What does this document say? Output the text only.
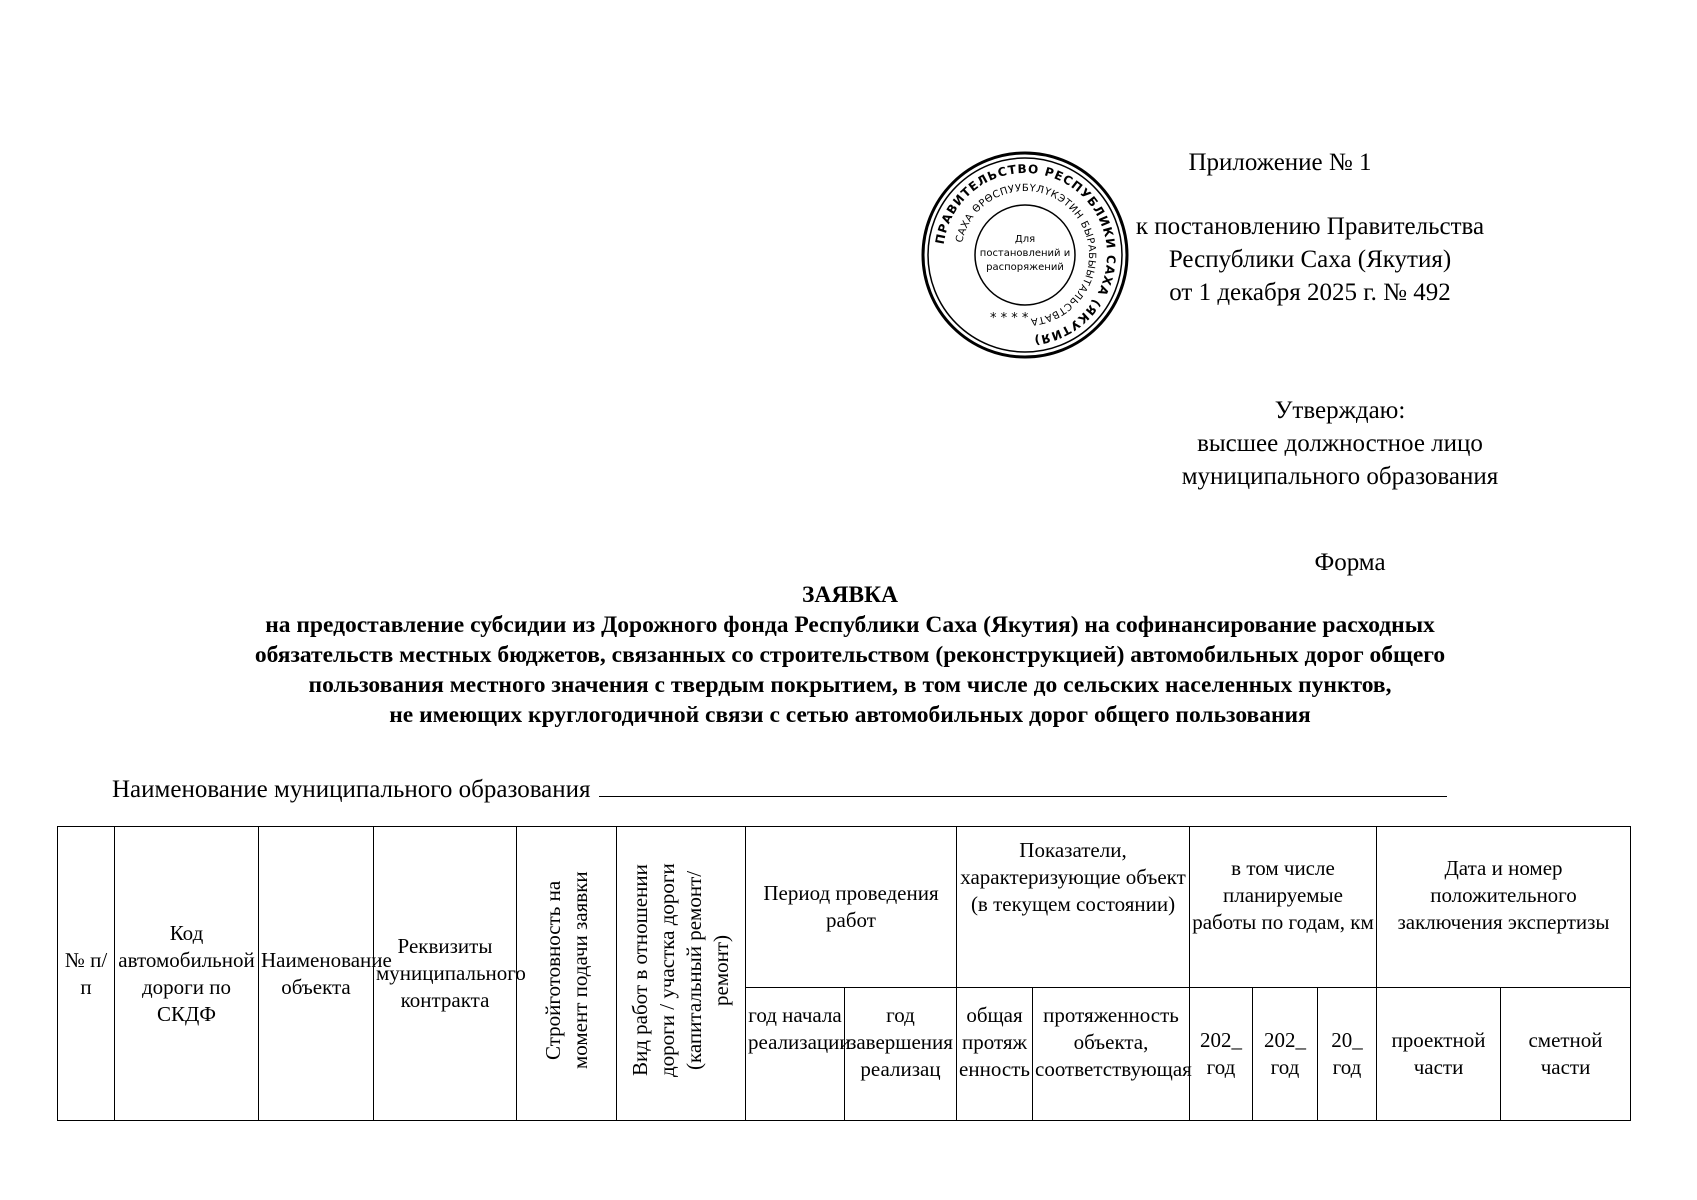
Приложение № 1
к постановлению Правительства
Республики Саха (Якутия)
от 1 декабря 2025 г. № 492
ПРАВИТЕЛЬСТВО РЕСПУБЛИКИ САХА (ЯКУТИЯ)
САХА ӨРӨСПУУБҮЛҮКЭТИН БЫРАБЫЫТАЛЬСТВАТА
Для
постановлений и
распоряжений
* * * *
Утверждаю:
высшее должностное лицо
муниципального образования
Форма
ЗАЯВКА
на предоставление субсидии из Дорожного фонда Республики Саха (Якутия) на софинансирование расходных
обязательств местных бюджетов, связанных со строительством (реконструкцией) автомобильных дорог общего
пользования местного значения с твердым покрытием, в том числе до сельских населенных пунктов,
не имеющих круглогодичной связи с сетью автомобильных дорог общего пользования
Наименование муниципального образования
№ п/п	Код автомобильной дороги по СКДФ	Наименование объекта	Реквизиты муниципального контракта	Стройготовность на момент подачи заявки	Вид работ в отношении дороги / участка дороги (капитальный ремонт/ ремонт)	Период проведения работ		Показатели, характеризующие объект (в текущем состоянии)		в том числе планируемые работы по годам, км			Дата и номер положительного заключения экспертизы	
						год начала реализации	год завершения реализац	общая протяженность	протяженность объекта, соответствующая	202_ год	202_ год	20_ год	проектной части	сметной части
